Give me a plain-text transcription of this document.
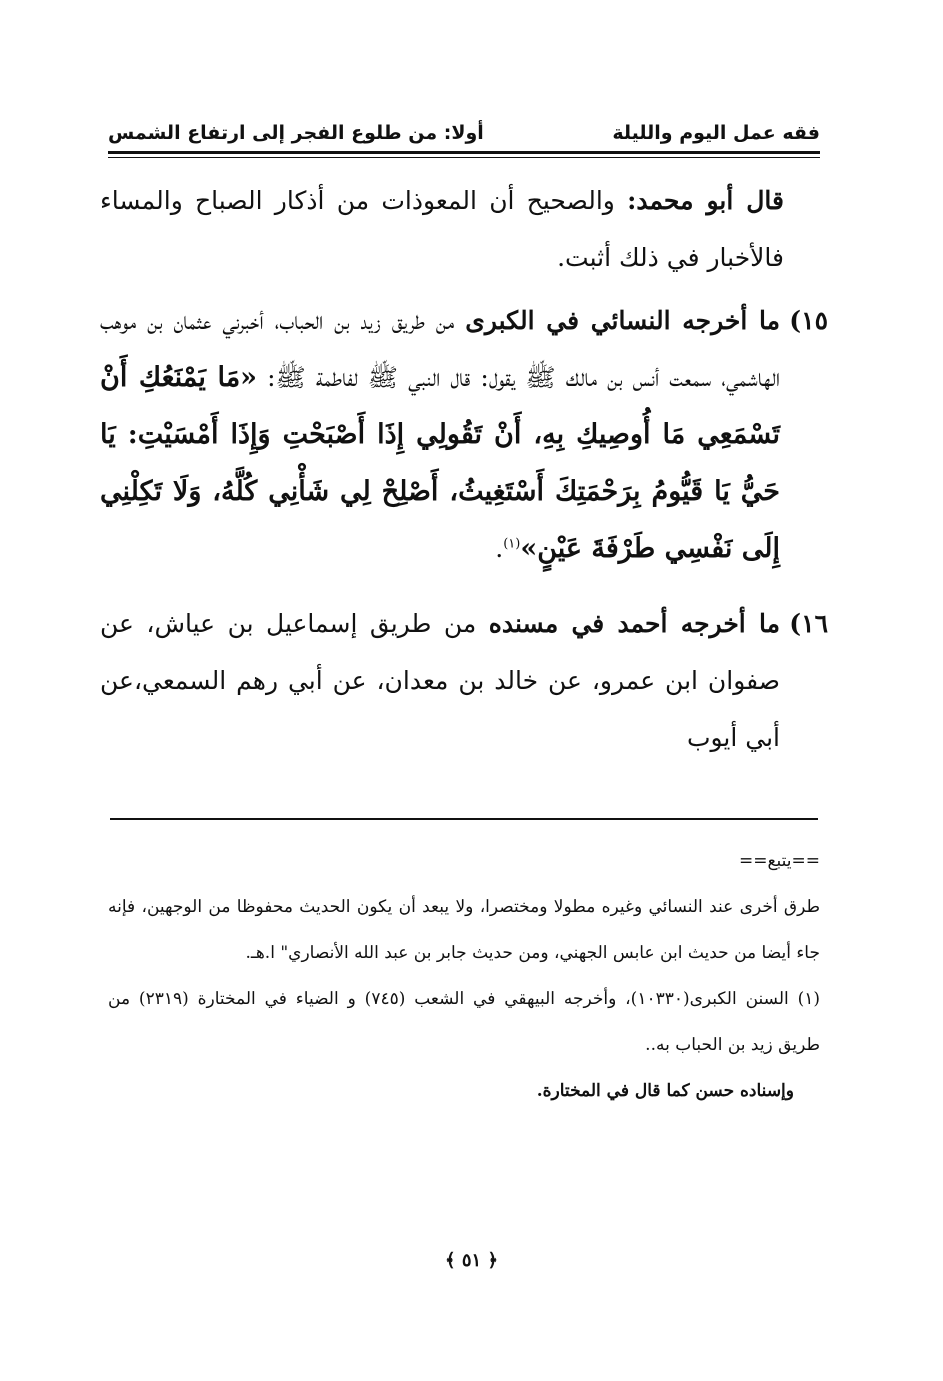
فقه عمل اليوم والليلة
أولا: من طلوع الفجر إلى ارتفاع الشمس

قال أبو محمد: والصحيح أن المعوذات من أذكار الصباح والمساء فالأخبار في ذلك أثبت.

١٥)
ما أخرجه النسائي في الكبرى من طريق زيد بن الحباب، أخبرني عثمان بن موهب الهاشمي، سمعت أنس بن مالك ﷺ يقول: قال النبي ﷺ لفاطمة ﷺ: «مَا يَمْنَعُكِ أَنْ تَسْمَعِي مَا أُوصِيكِ بِهِ، أَنْ تَقُولِي إِذَا أَصْبَحْتِ وَإِذَا أَمْسَيْتِ: يَا حَيُّ يَا قَيُّومُ بِرَحْمَتِكَ أَسْتَغِيثُ، أَصْلِحْ لِي شَأْنِي كُلَّهُ، وَلَا تَكِلْنِي إِلَى نَفْسِي طَرْفَةَ عَيْنٍ»$^{(١)}$.
١٦)
ما أخرجه أحمد في مسنده من طريق إسماعيل بن عياش، عن صفوان ابن عمرو، عن خالد بن معدان، عن أبي رهم السمعي،عن أبي أيوب

==يتبع==

طرق أخرى عند النسائي وغيره مطولا ومختصرا، ولا يبعد أن يكون الحديث محفوظا من الوجهين، فإنه جاء أيضا من حديث ابن عابس الجهني، ومن حديث جابر بن عبد الله الأنصاري" ا.هـ.

(١) السنن الكبرى(١٠٣٣٠)، وأخرجه البيهقي في الشعب (٧٤٥) و الضياء في المختارة (٢٣١٩) من طريق زيد بن الحباب به..

وإسناده حسن كما قال في المختارة.

﴿ ٥١ ﴾
